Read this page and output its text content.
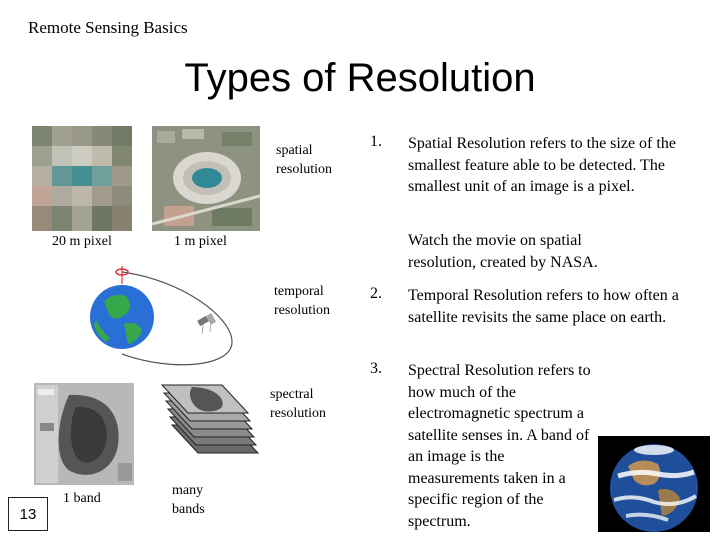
Remote Sensing Basics
Types of Resolution
20 m pixel	1 m pixel
spatial resolution
temporal resolution
1 band
many bands
spectral resolution
1. Spatial Resolution refers to the size of the smallest feature able to be detected. The smallest unit of an image is a pixel.
Watch the movie on spatial resolution, created by NASA.
2. Temporal Resolution refers to how often a satellite revisits the same place on earth.
3. Spectral Resolution refers to how much of the electromagnetic spectrum a satellite senses in. A band of an image is the measurements taken in a specific region of the spectrum.
13
